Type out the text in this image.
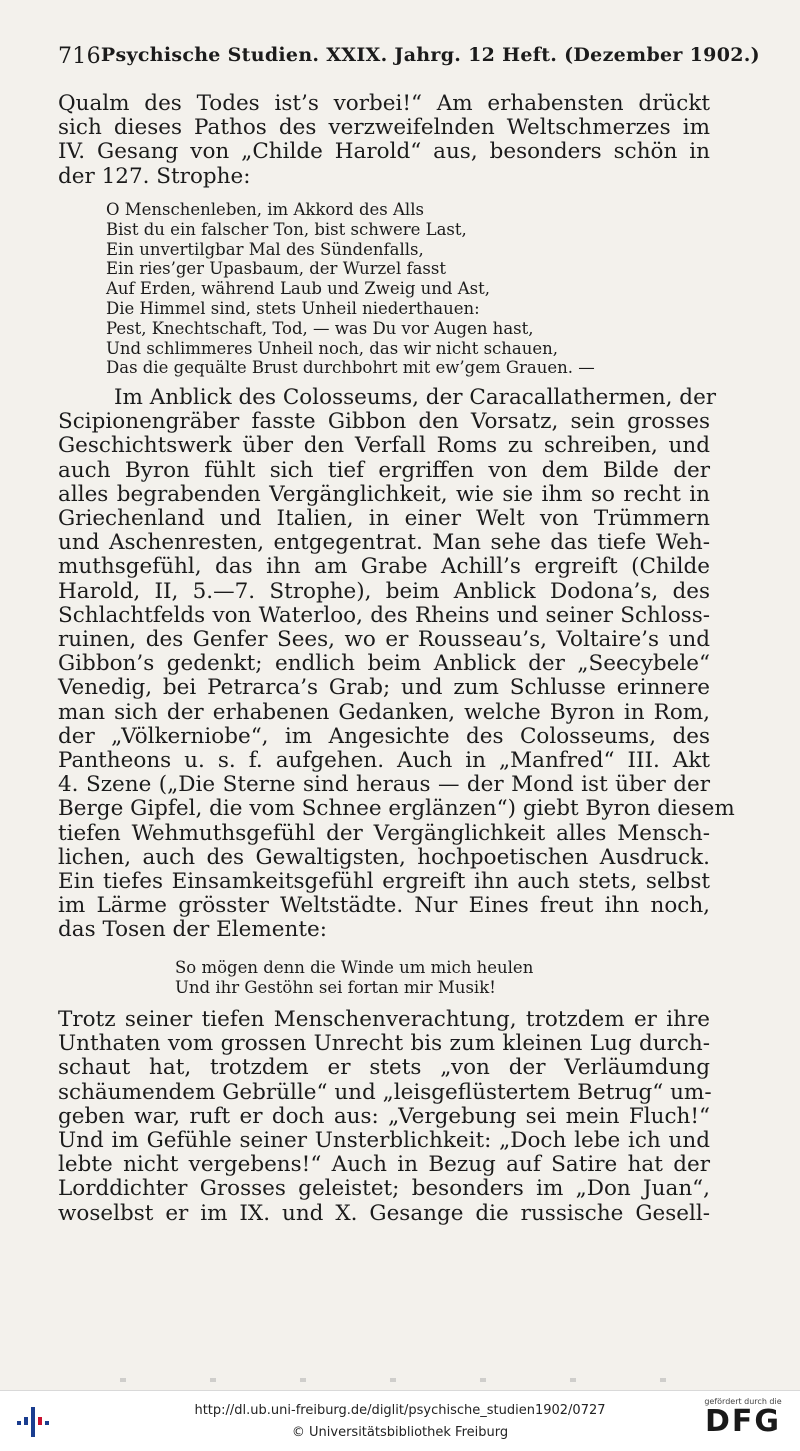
716 Psychische Studien. XXIX. Jahrg. 12 Heft. (Dezember 1902.)
Qualm des Todes ist’s vorbei!“ Am erhabensten drückt
sich dieses Pathos des verzweifelnden Weltschmerzes im
IV. Gesang von „Childe Harold“ aus, besonders schön in
der 127. Strophe:
O Menschenleben, im Akkord des Alls
Bist du ein falscher Ton, bist schwere Last,
Ein unvertilgbar Mal des Sündenfalls,
Ein ries’ger Upasbaum, der Wurzel fasst
Auf Erden, während Laub und Zweig und Ast,
Die Himmel sind, stets Unheil niederthauen:
Pest, Knechtschaft, Tod, — was Du vor Augen hast,
Und schlimmeres Unheil noch, das wir nicht schauen,
Das die gequälte Brust durchbohrt mit ew’gem Grauen. —
Im Anblick des Colosseums, der Caracallathermen, der
Scipionengräber fasste Gibbon den Vorsatz, sein grosses
Geschichtswerk über den Verfall Roms zu schreiben, und
auch Byron fühlt sich tief ergriffen von dem Bilde der
alles begrabenden Vergänglichkeit, wie sie ihm so recht in
Griechenland und Italien, in einer Welt von Trümmern
und Aschenresten, entgegentrat. Man sehe das tiefe Weh-
muthsgefühl, das ihn am Grabe Achill’s ergreift (Childe
Harold, II, 5.—7. Strophe), beim Anblick Dodona’s, des
Schlachtfelds von Waterloo, des Rheins und seiner Schloss-
ruinen, des Genfer Sees, wo er Rousseau’s, Voltaire’s und
Gibbon’s gedenkt; endlich beim Anblick der „Seecybele“
Venedig, bei Petrarca’s Grab; und zum Schlusse erinnere
man sich der erhabenen Gedanken, welche Byron in Rom,
der „Völkerniobe“, im Angesichte des Colosseums, des
Pantheons u. s. f. aufgehen. Auch in „Manfred“ III. Akt
4. Szene („Die Sterne sind heraus — der Mond ist über der
Berge Gipfel, die vom Schnee erglänzen“) giebt Byron diesem
tiefen Wehmuthsgefühl der Vergänglichkeit alles Mensch-
lichen, auch des Gewaltigsten, hochpoetischen Ausdruck.
Ein tiefes Einsamkeitsgefühl ergreift ihn auch stets, selbst
im Lärme grösster Weltstädte. Nur Eines freut ihn noch,
das Tosen der Elemente:
So mögen denn die Winde um mich heulen
Und ihr Gestöhn sei fortan mir Musik!
Trotz seiner tiefen Menschenverachtung, trotzdem er ihre
Unthaten vom grossen Unrecht bis zum kleinen Lug durch-
schaut hat, trotzdem er stets „von der Verläumdung
schäumendem Gebrülle“ und „leisgeflüstertem Betrug“ um-
geben war, ruft er doch aus: „Vergebung sei mein Fluch!“
Und im Gefühle seiner Unsterblichkeit: „Doch lebe ich und
lebte nicht vergebens!“ Auch in Bezug auf Satire hat der
Lorddichter Grosses geleistet; besonders im „Don Juan“,
woselbst er im IX. und X. Gesange die russische Gesell-
http://dl.ub.uni-freiburg.de/diglit/psychische_studien1902/0727
© Universitätsbibliothek Freiburg
gefördert durch die
DFG
